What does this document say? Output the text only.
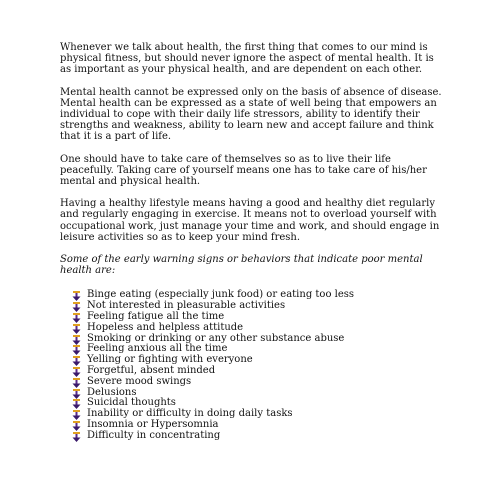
Whenever we talk about health, the first thing that comes to our mind is physical fitness, but should never ignore the aspect of mental health. It is as important as your physical health, and are dependent on each other.

Mental health cannot be expressed only on the basis of absence of disease. Mental health can be expressed as a state of well being that empowers an individual to cope with their daily life stressors, ability to identify their strengths and weakness, ability to learn new and accept failure and think that it is a part of life.

One should have to take care of themselves so as to live their life peacefully. Taking care of yourself means one has to take care of his/her mental and physical health.

Having a healthy lifestyle means having a good and healthy diet regularly and regularly engaging in exercise. It means not to overload yourself with occupational work, just manage your time and work, and should engage in leisure activities so as to keep your mind fresh.

Some of the early warning signs or behaviors that indicate poor mental health are:

Binge eating (especially junk food) or eating too less
Not interested in pleasurable activities
Feeling fatigue all the time
Hopeless and helpless attitude
Smoking or drinking or any other substance abuse
Feeling anxious all the time
Yelling or fighting with everyone
Forgetful, absent minded
Severe mood swings
Delusions
Suicidal thoughts
Inability or difficulty in doing daily tasks
Insomnia or Hypersomnia
Difficulty in concentrating
